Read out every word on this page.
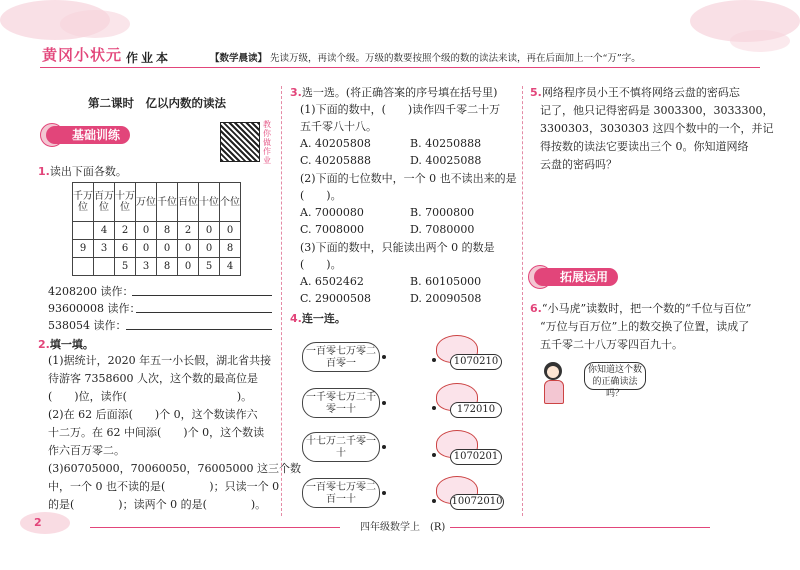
黄冈小状元 作业本	【数学晨读】 先读万级，再读个级。万级的数要按照个级的数的读法来读，再在后面加上一个“万”字。
第二课时　亿以内数的读法
基础训练
教你做作业
1.读出下面各数。
千万位	百万位	十万位	万位	千位	百位	十位	个位
	4	2	0	8	2	0	0
9	3	6	0	0	0	0	8
		5	3	8	0	5	4
4208200 读作：
93600008 读作：
538054 读作：
2.填一填。
(1)据统计，2020 年五一小长假，湖北省共接
待游客 7358600 人次，这个数的最高位是
(　　)位，读作(　　　　　　　　　　)。
(2)在 62 后面添(　　)个 0，这个数读作六
十二万。在 62 中间添(　　)个 0，这个数读
作六百万零二。
(3)60705000，70060050，76005000 这三个数
中，一个 0 也不读的是(　　　　)；只读一个 0
的是(　　　　)；读两个 0 的是(　　　　)。
3.选一选。(将正确答案的序号填在括号里)
(1)下面的数中，(　　)读作四千零二十万
五千零八十八。
A. 40205808	B. 40250888
C. 40205888	D. 40025088
(2)下面的七位数中，一个 0 也不读出来的是
(　　)。
A. 7000080	B. 7000800
C. 7008000	D. 7080000
(3)下面的数中，只能读出两个 0 的数是
(　　)。
A. 6502462	B. 60105000
C. 29000508	D. 20090508
4.连一连。
一百零七万零二百零一
一千零七万二千零一十
十七万二千零一十
一百零七万零二百一十
1070210
172010
1070201
10072010
5.网络程序员小王不慎将网络云盘的密码忘
记了，他只记得密码是 3003300，3033300，
3300303，3030303 这四个数中的一个，并记
得按数的读法它要读出三个 0。你知道网络
云盘的密码吗？
拓展运用
6.“小马虎”读数时，把一个数的“千位与百位”
“万位与百万位”上的数交换了位置，读成了
五千零二十八万零四百九十。
你知道这个数的正确读法吗？
2	四年级数学上　(R)
